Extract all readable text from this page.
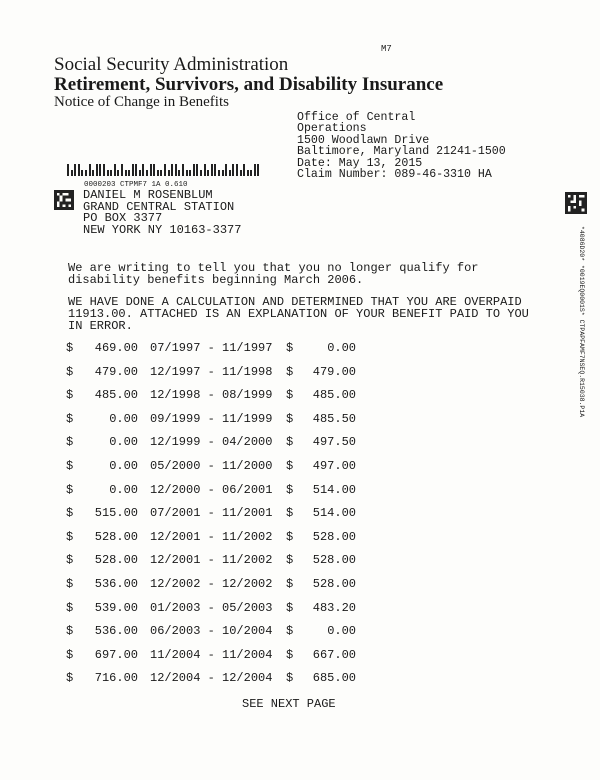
M7
Social Security Administration
Retirement, Survivors, and Disability Insurance
Notice of Change in Benefits
Office of Central
Operations
1500 Woodlawn Drive
Baltimore, Maryland 21241-1500
Date: May 13, 2015
Claim Number: 089-46-3310 HA
0000203 CTPMF7 1A 0.610
DANIEL M ROSENBLUM
GRAND CENTRAL STATION
PO BOX 3377
NEW YORK NY 10163-3377	*4086D20* *0019EQ0001S* CTPAPFAMF7NSEQ.R15038.P1A
We are writing to tell you that you no longer qualify for disability benefits beginning March 2006.
WE HAVE DONE A CALCULATION AND DETERMINED THAT YOU ARE OVERPAID 11913.00. ATTACHED IS AN EXPLANATION OF YOUR BENEFIT PAID TO YOU IN ERROR.
$	469.00 07/1997 - 11/1997 $	0.00
$	479.00 12/1997 - 11/1998 $	479.00
$	485.00 12/1998 - 08/1999 $	485.00
$	0.00 09/1999 - 11/1999 $	485.50
$	0.00 12/1999 - 04/2000 $	497.50
$	0.00 05/2000 - 11/2000 $	497.00
$	0.00 12/2000 - 06/2001 $	514.00
$	515.00 07/2001 - 11/2001 $	514.00
$	528.00 12/2001 - 11/2002 $	528.00
$	528.00 12/2001 - 11/2002 $	528.00
$	536.00 12/2002 - 12/2002 $	528.00
$	539.00 01/2003 - 05/2003 $	483.20
$	536.00 06/2003 - 10/2004 $	0.00
$	697.00 11/2004 - 11/2004 $	667.00
$	716.00 12/2004 - 12/2004 $	685.00
SEE NEXT PAGE
